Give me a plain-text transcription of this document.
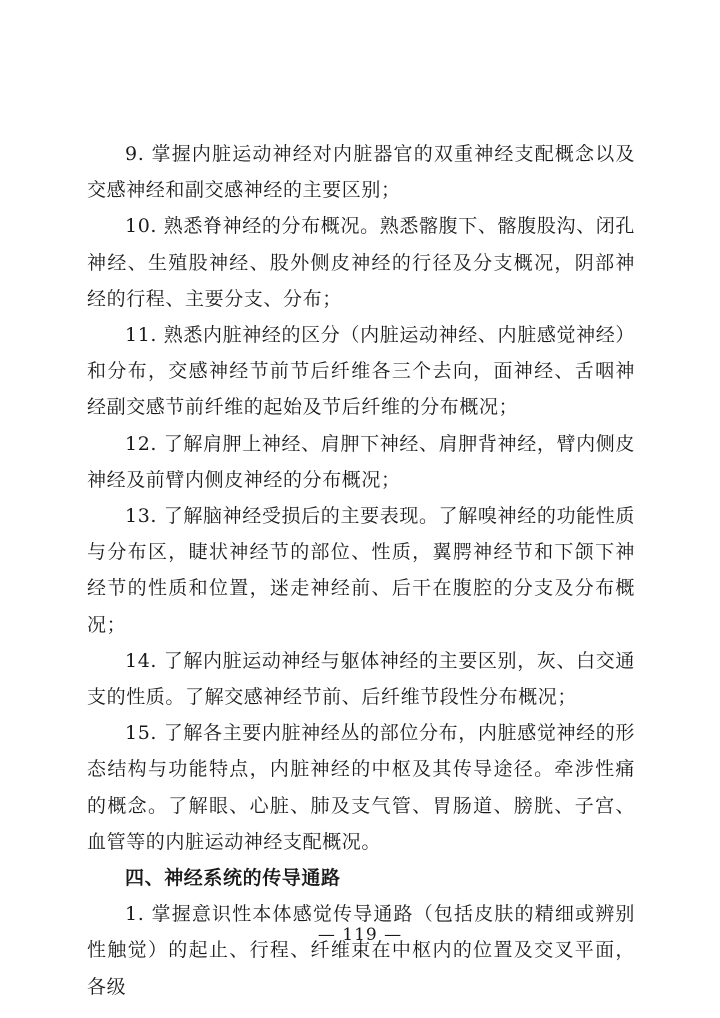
9. 掌握内脏运动神经对内脏器官的双重神经支配概念以及交感神经和副交感神经的主要区别；

10. 熟悉脊神经的分布概况。熟悉髂腹下、髂腹股沟、闭孔神经、生殖股神经、股外侧皮神经的行径及分支概况，阴部神经的行程、主要分支、分布；

11. 熟悉内脏神经的区分（内脏运动神经、内脏感觉神经）和分布，交感神经节前节后纤维各三个去向，面神经、舌咽神经副交感节前纤维的起始及节后纤维的分布概况；

12. 了解肩胛上神经、肩胛下神经、肩胛背神经，臂内侧皮神经及前臂内侧皮神经的分布概况；

13. 了解脑神经受损后的主要表现。了解嗅神经的功能性质与分布区，睫状神经节的部位、性质，翼腭神经节和下颌下神经节的性质和位置，迷走神经前、后干在腹腔的分支及分布概况；

14. 了解内脏运动神经与躯体神经的主要区别，灰、白交通支的性质。了解交感神经节前、后纤维节段性分布概况；

15. 了解各主要内脏神经丛的部位分布，内脏感觉神经的形态结构与功能特点，内脏神经的中枢及其传导途径。牵涉性痛的概念。了解眼、心脏、肺及支气管、胃肠道、膀胱、子宫、血管等的内脏运动神经支配概况。

四、神经系统的传导通路

1. 掌握意识性本体感觉传导通路（包括皮肤的精细或辨别性触觉）的起止、行程、纤维束在中枢内的位置及交叉平面，各级

— 119 —
